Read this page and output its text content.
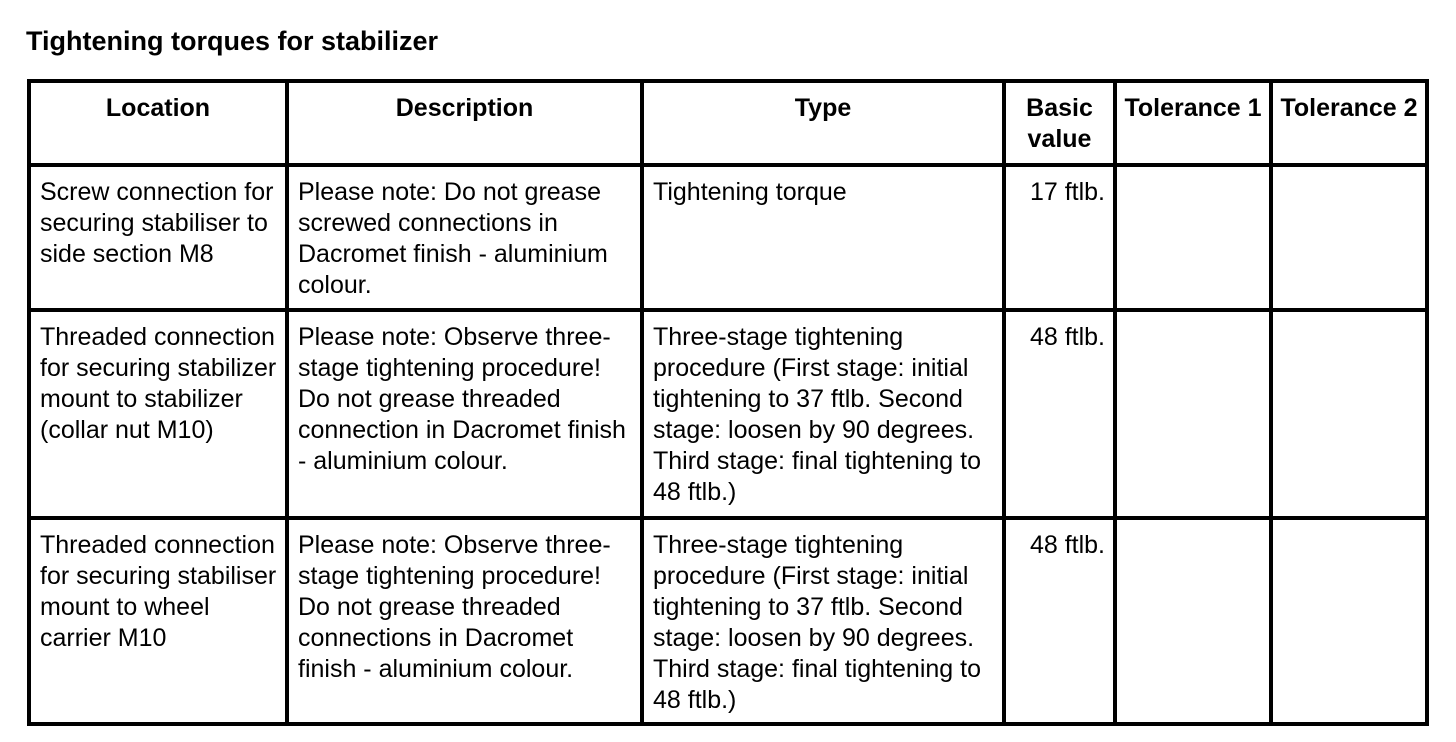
Tightening torques for stabilizer
Location	Description	Type	Basic value	Tolerance 1	Tolerance 2
Screw connection for securing stabiliser to side section M8	Please note: Do not grease screwed connections in Dacromet finish - aluminium colour.	Tightening torque	17 ftlb.		
Threaded connection for securing stabilizer mount to stabilizer (collar nut M10)	Please note: Observe three-stage tightening procedure! Do not grease threaded connection in Dacromet finish - aluminium colour.	Three-stage tightening procedure (First stage: initial tightening to 37 ftlb. Second stage: loosen by 90 degrees. Third stage: final tightening to 48 ftlb.)	48 ftlb.		
Threaded connection for securing stabiliser mount to wheel carrier M10	Please note: Observe three-stage tightening procedure! Do not grease threaded connections in Dacromet finish - aluminium colour.	Three-stage tightening procedure (First stage: initial tightening to 37 ftlb. Second stage: loosen by 90 degrees. Third stage: final tightening to 48 ftlb.)	48 ftlb.		
